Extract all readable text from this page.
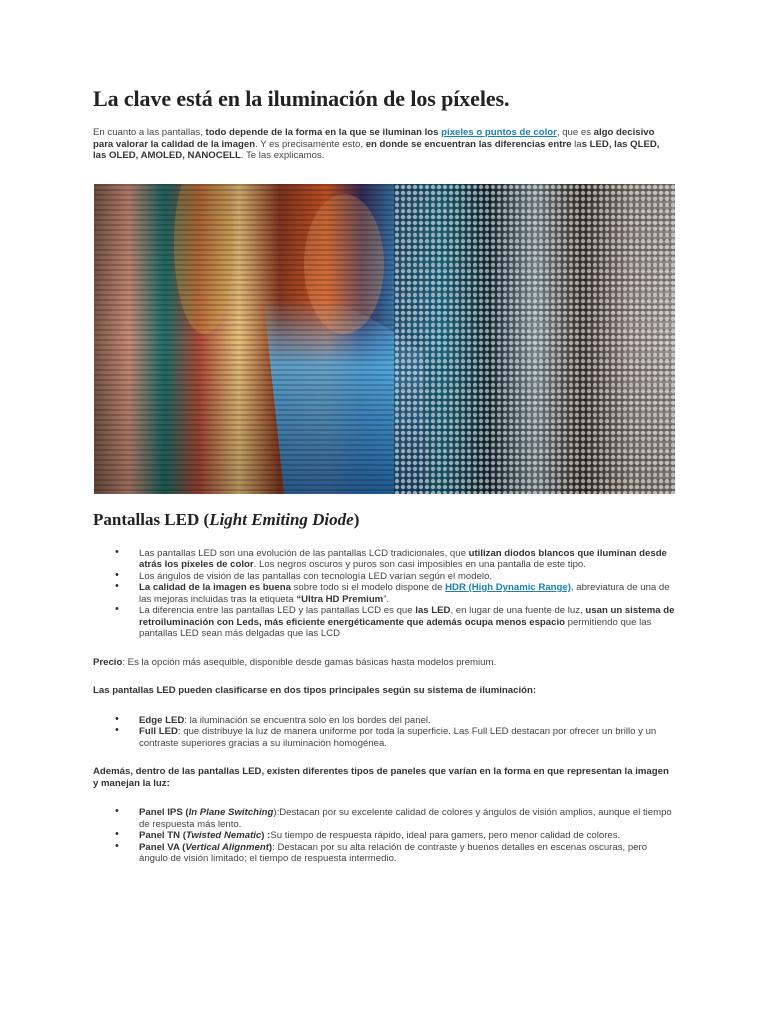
La clave está en la iluminación de los píxeles.

En cuanto a las pantallas, todo depende de la forma en la que se iluminan los píxeles o puntos de color, que es algo decisivo para valorar la calidad de la imagen. Y es precisamente esto, en donde se encuentran las diferencias entre las LED, las QLED, las OLED, AMOLED, NANOCELL. Te las explicamos.

Pantallas LED (Light Emiting Diode)
• Las pantallas LED son una evolución de las pantallas LCD tradicionales, que utilizan diodos blancos que iluminan desde atrás los píxeles de color. Los negros oscuros y puros son casi imposibles en una pantalla de este tipo.
• Los ángulos de visión de las pantallas con tecnología LED varían según el modelo.
• La calidad de la imagen es buena sobre todo si el modelo dispone de HDR (High Dynamic Range), abreviatura de una de las mejoras incluidas tras la etiqueta “Ultra HD Premium”.
• La diferencia entre las pantallas LED y las pantallas LCD es que las LED, en lugar de una fuente de luz, usan un sistema de retroiluminación con Leds, más eficiente energéticamente que además ocupa menos espacio permitiendo que las pantallas LED sean más delgadas que las LCD

Precio: Es la opción más asequible, disponible desde gamas básicas hasta modelos premium.

Las pantallas LED pueden clasificarse en dos tipos principales según su sistema de iluminación:

• Edge LED: la iluminación se encuentra solo en los bordes del panel.
• Full LED: que distribuye la luz de manera uniforme por toda la superficie. Las Full LED destacan por ofrecer un brillo y un contraste superiores gracias a su iluminación homogénea.

Además, dentro de las pantallas LED, existen diferentes tipos de paneles que varían en la forma en que representan la imagen y manejan la luz:

• Panel IPS (In Plane Switching):Destacan por su excelente calidad de colores y ángulos de visión amplios, aunque el tiempo de respuesta más lento.
• Panel TN (Twisted Nematic) :Su tiempo de respuesta rápido, ideal para gamers, pero menor calidad de colores.
• Panel VA (Vertical Alignment): Destacan por su alta relación de contraste y buenos detalles en escenas oscuras, pero ángulo de visión limitado; el tiempo de respuesta intermedio.
